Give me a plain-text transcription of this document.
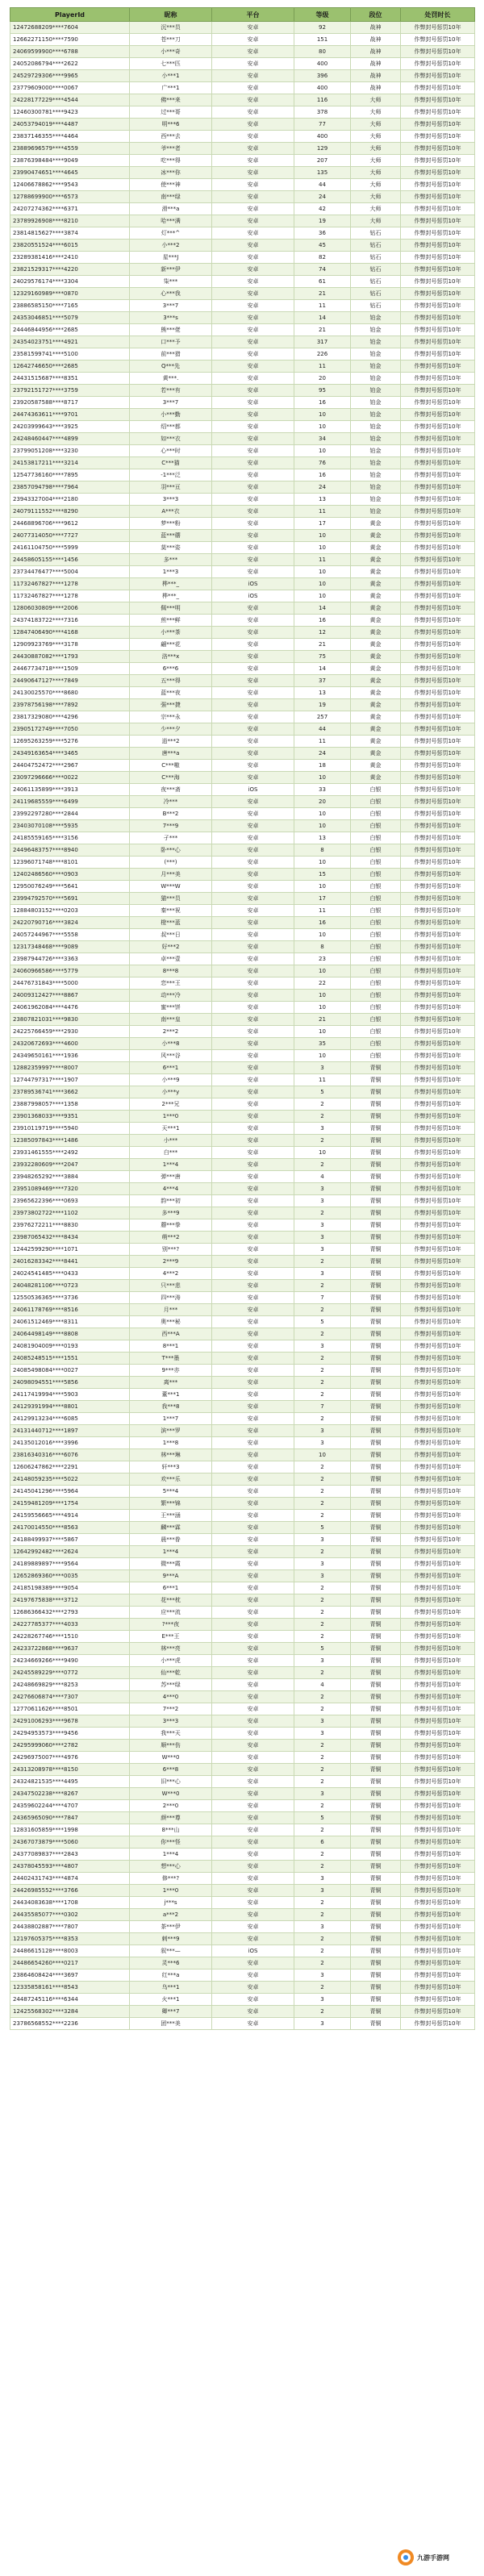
PlayerId	昵称	平台	等级	段位	处罚时长
12472688209****7604	沉***员	安卓	92	战神	作弊封号惩罚10年
12662271150****7590	苍***刀	安卓	151	战神	作弊封号惩罚10年
24069599900****6788	小***奇	安卓	80	战神	作弊封号惩罚10年
24052086794****2622	七***匹	安卓	400	战神	作弊封号惩罚10年
24529729306****9965	小***1	安卓	396	战神	作弊封号惩罚10年
23779609000****0067	广***1	安卓	400	战神	作弊封号惩罚10年
24228177229****4544	佛***来	安卓	116	大师	作弊封号惩罚10年
12460300781****9423	过***哥	安卓	378	大师	作弊封号惩罚10年
24053794019****4487	明***6	安卓	77	大师	作弊封号惩罚10年
23837146355****4464	西***去	安卓	400	大师	作弊封号惩罚10年
23889696579****4559	爷***者	安卓	129	大师	作弊封号惩罚10年
23876398484****9049	吃***得	安卓	207	大师	作弊封号惩罚10年
23990474651****4645	冰***你	安卓	135	大师	作弊封号惩罚10年
12406678862****9543	使***神	安卓	44	大师	作弊封号惩罚10年
12788699900****6573	南***绿	安卓	24	大师	作弊封号惩罚10年
24207274362****6371	滑***a	安卓	42	大师	作弊封号惩罚10年
23789926908****8210	哈***满	安卓	19	大师	作弊封号惩罚10年
23814815627****3874	灯***^	安卓	36	钻石	作弊封号惩罚10年
23820551524****6015	小***2	安卓	45	钻石	作弊封号惩罚10年
23289381416****2410	星***J	安卓	82	钻石	作弊封号惩罚10年
23821529317****4220	新***伊	安卓	74	钻石	作弊封号惩罚10年
24029576174****3304	柒***	安卓	61	钻石	作弊封号惩罚10年
12329160989****0870	心***我	安卓	21	钻石	作弊封号惩罚10年
23886585150****7165	3***7	安卓	11	钻石	作弊封号惩罚10年
24353046851****5079	3***s	安卓	14	铂金	作弊封号惩罚10年
24446844956****2685	熊***佬	安卓	21	铂金	作弊封号惩罚10年
24354023751****4921	口***予	安卓	317	铂金	作弊封号惩罚10年
23581599741****5100	前***猎	安卓	226	铂金	作弊封号惩罚10年
12642746650****2685	Q***先	安卓	11	铂金	作弊封号惩罚10年
24431515687****8351	黄***.	安卓	20	铂金	作弊封号惩罚10年
23792151727****3759	若***有	安卓	95	铂金	作弊封号惩罚10年
23920587588****8717	3***7	安卓	16	铂金	作弊封号惩罚10年
24474363611****9701	小***勤	安卓	10	铂金	作弊封号惩罚10年
24203999643****3925	绍***都	安卓	10	铂金	作弊封号惩罚10年
24248460447****4899	如***衣	安卓	34	铂金	作弊封号惩罚10年
23799051208****3230	心***时	安卓	10	铂金	作弊封号惩罚10年
24153817211****3214	C***猫	安卓	76	铂金	作弊封号惩罚10年
12547736160****7895	-1***泛	安卓	16	铂金	作弊封号惩罚10年
23857094798****7964	羽***亘	安卓	24	铂金	作弊封号惩罚10年
23943327004****2180	3***3	安卓	13	铂金	作弊封号惩罚10年
24079111552****8290	A***衣	安卓	11	铂金	作弊封号惩罚10年
24468896706****9612	梦***粉	安卓	17	黄金	作弊封号惩罚10年
24077314050****7727	蓝***蘑	安卓	10	黄金	作弊封号惩罚10年
24161104750****5999	莫***姿	安卓	10	黄金	作弊封号惩罚10年
24458605155****1456	多***	安卓	11	黄金	作弊封号惩罚10年
23734476477****5004	1***3	安卓	10	黄金	作弊封号惩罚10年
11732467827****1278	桦***_	iOS	10	黄金	作弊封号惩罚10年
11732467827****1278	桦***_	iOS	10	黄金	作弊封号惩罚10年
12806030809****2006	佩***明	安卓	14	黄金	作弊封号惩罚10年
24374183722****7316	煎***鲜	安卓	16	黄金	作弊封号惩罚10年
12847406490****4168	小***茶	安卓	12	黄金	作弊封号惩罚10年
12909923769****3178	翩***花	安卓	21	黄金	作弊封号惩罚10年
24430887082****1793	洛***x	安卓	75	黄金	作弊封号惩罚10年
24467734718****1509	6***6	安卓	14	黄金	作弊封号惩罚10年
24490647127****7849	五***得	安卓	37	黄金	作弊封号惩罚10年
24130025570****8680	蓝***夜	安卓	13	黄金	作弊封号惩罚10年
23978756198****7892	强***捷	安卓	19	黄金	作弊封号惩罚10年
23817329080****4296	宗***永	安卓	257	黄金	作弊封号惩罚10年
23905172749****7050	少***夕	安卓	44	黄金	作弊封号惩罚10年
12695263259****5276	逍***2	安卓	11	黄金	作弊封号惩罚10年
24349163654****3465	唐***a	安卓	24	黄金	作弊封号惩罚10年
24404752472****2967	C***嗷	安卓	18	黄金	作弊封号惩罚10年
23097296666****0022	C***海	安卓	10	黄金	作弊封号惩罚10年
24061135899****3913	夜***斋	iOS	33	白银	作弊封号惩罚10年
24119685559****6499	冷***	安卓	20	白银	作弊封号惩罚10年
23992297280****2844	B***2	安卓	10	白银	作弊封号惩罚10年
23403070108****5935	7***9	安卓	10	白银	作弊封号惩罚10年
24185559165****3156	孑***	安卓	13	白银	作弊封号惩罚10年
24496483757****8940	卧***心	安卓	8	白银	作弊封号惩罚10年
12396071748****8101	(***)	安卓	10	白银	作弊封号惩罚10年
12402486560****0903	月***美	安卓	15	白银	作弊封号惩罚10年
12950076249****5641	W***W	安卓	10	白银	作弊封号惩罚10年
23994792570****5691	猫***员	安卓	17	白银	作弊封号惩罚10年
12884803152****0203	秦***祝	安卓	11	白银	作弊封号惩罚10年
24220790716****3824	橙***蓝	安卓	16	白银	作弊封号惩罚10年
24057244967****5558	叔***日	安卓	10	白银	作弊封号惩罚10年
12317348468****9089	好***2	安卓	8	白银	作弊封号惩罚10年
23987944726****3363	卓***壹	安卓	23	白银	作弊封号惩罚10年
24060966586****5779	8***8	安卓	10	白银	作弊封号惩罚10年
24476731843****5000	恋***王	安卓	22	白银	作弊封号惩罚10年
24009312427****8867	动***冷	安卓	10	白银	作弊封号惩罚10年
24061962084****4476	蜜***饼	安卓	10	白银	作弊封号惩罚10年
23807821031****9830	南***皇	安卓	21	白银	作弊封号惩罚10年
24225766459****2930	2***2	安卓	10	白银	作弊封号惩罚10年
24320672693****4600	小***8	安卓	35	白银	作弊封号惩罚10年
24349650161****1936	风***谷	安卓	10	白银	作弊封号惩罚10年
12882359997****8007	6***1	安卓	3	青铜	作弊封号惩罚10年
12744797317****1907	小***9	安卓	11	青铜	作弊封号惩罚10年
23789536741****3662	小***y	安卓	5	青铜	作弊封号惩罚10年
23887998057****1358	2***兄	安卓	2	青铜	作弊封号惩罚10年
23901368033****9351	1***0	安卓	2	青铜	作弊封号惩罚10年
23910119719****5940	天***1	安卓	3	青铜	作弊封号惩罚10年
12385097843****1486	小***	安卓	2	青铜	作弊封号惩罚10年
23931461555****2492	白***	安卓	10	青铜	作弊封号惩罚10年
23932280609****2047	1***4	安卓	2	青铜	作弊封号惩罚10年
23948265292****3884	弹***唐	安卓	4	青铜	作弊封号惩罚10年
23951089469****7320	4***4	安卓	3	青铜	作弊封号惩罚10年
23965622396****0693	韵***初	安卓	3	青铜	作弊封号惩罚10年
23973802722****1102	多***9	安卓	2	青铜	作弊封号惩罚10年
23976272211****8830	蘑***拳	安卓	3	青铜	作弊封号惩罚10年
23987065432****8434	萌***2	安卓	3	青铜	作弊封号惩罚10年
12442599290****1071	别***?	安卓	3	青铜	作弊封号惩罚10年
24016283342****8441	2***9	安卓	2	青铜	作弊封号惩罚10年
24024541485****0433	4***2	安卓	3	青铜	作弊封号惩罚10年
24048281106****0723	只***悲	安卓	2	青铜	作弊封号惩罚10年
12550536365****3736	四***涛	安卓	7	青铜	作弊封号惩罚10年
24061178769****8516	月***	安卓	2	青铜	作弊封号惩罚10年
24061512469****8311	奥***秘	安卓	5	青铜	作弊封号惩罚10年
24064498149****8808	西***A	安卓	2	青铜	作弊封号惩罚10年
24081904009****0193	8***1	安卓	3	青铜	作弊封号惩罚10年
24085248515****1551	T***墨	安卓	2	青铜	作弊封号惩罚10年
24085498084****0027	9***亦	安卓	2	青铜	作弊封号惩罚10年
24098094551****5856	离***	安卓	2	青铜	作弊封号惩罚10年
24117419994****5903	董***1	安卓	2	青铜	作弊封号惩罚10年
24129391994****8801	我***8	安卓	7	青铜	作弊封号惩罚10年
24129913234****6085	1***7	安卓	2	青铜	作弊封号惩罚10年
24131440712****1897	滨***罗	安卓	3	青铜	作弊封号惩罚10年
24135012016****3996	1***8	安卓	3	青铜	作弊封号惩罚10年
23816340316****6076	林***琳	安卓	10	青铜	作弊封号惩罚10年
12606247862****2291	轩***3	安卓	2	青铜	作弊封号惩罚10年
24148059235****5022	欢***乐	安卓	2	青铜	作弊封号惩罚10年
24145041296****5964	5***4	安卓	2	青铜	作弊封号惩罚10年
24159481209****1754	繁***锦	安卓	2	青铜	作弊封号惩罚10年
24159556665****4914	王***涵	安卓	2	青铜	作弊封号惩罚10年
24170014550****8563	麟***霖	安卓	5	青铜	作弊封号惩罚10年
24188499937****5867	晨***眷	安卓	3	青铜	作弊封号惩罚10年
12642992482****2624	1***4	安卓	2	青铜	作弊封号惩罚10年
24189889897****9564	微***霞	安卓	3	青铜	作弊封号惩罚10年
12652869360****0035	9***A	安卓	3	青铜	作弊封号惩罚10年
24185198389****9054	6***1	安卓	2	青铜	作弊封号惩罚10年
24197675838****3712	花***枕	安卓	2	青铜	作弊封号惩罚10年
12686366432****2793	应***流	安卓	2	青铜	作弊封号惩罚10年
24227785377****4033	?***夜	安卓	2	青铜	作弊封号惩罚10年
24228267746****1510	E***王	安卓	2	青铜	作弊封号惩罚10年
24233722868****9637	林***亮	安卓	5	青铜	作弊封号惩罚10年
24234669266****9490	小***虎	安卓	3	青铜	作弊封号惩罚10年
24245589229****0772	仙***乾	安卓	2	青铜	作弊封号惩罚10年
24248669829****8253	苏***绿	安卓	4	青铜	作弊封号惩罚10年
24276606874****7307	4***0	安卓	2	青铜	作弊封号惩罚10年
12770611626****8501	7***2	安卓	2	青铜	作弊封号惩罚10年
24291006293****9678	3***3	安卓	3	青铜	作弊封号惩罚10年
24294953573****9456	我***天	安卓	3	青铜	作弊封号惩罚10年
24295999060****2782	顺***伤	安卓	2	青铜	作弊封号惩罚10年
24296975007****4976	W***0	安卓	2	青铜	作弊封号惩罚10年
24313208978****8150	6***8	安卓	2	青铜	作弊封号惩罚10年
24324821535****4495	旧***心	安卓	2	青铜	作弊封号惩罚10年
24347502238****8267	W***0	安卓	3	青铜	作弊封号惩罚10年
24359602244****4707	2***0	安卓	2	青铜	作弊封号惩罚10年
24365965090****7847	颜***尊	安卓	5	青铜	作弊封号惩罚10年
12831605859****1998	8***山	安卓	2	青铜	作弊封号惩罚10年
24367073879****5060	你***怪	安卓	6	青铜	作弊封号惩罚10年
24377089837****2843	1***4	安卓	2	青铜	作弊封号惩罚10年
24378045593****4807	想***心	安卓	2	青铜	作弊封号惩罚10年
24402431743****4874	修***?	安卓	3	青铜	作弊封号惩罚10年
24426985552****3766	1***0	安卓	3	青铜	作弊封号惩罚10年
24434083638****1708	j***s	安卓	2	青铜	作弊封号惩罚10年
24435585077****0302	a***2	安卓	2	青铜	作弊封号惩罚10年
24438802887****7807	茶***伊	安卓	3	青铜	作弊封号惩罚10年
12197605375****8353	刺***9	安卓	2	青铜	作弊封号惩罚10年
24486615128****8003	叙***—	iOS	2	青铜	作弊封号惩罚10年
24486654260****0217	灵***6	安卓	2	青铜	作弊封号惩罚10年
23864608424****3697	红***a	安卓	3	青铜	作弊封号惩罚10年
12335858161****8543	乌***1	安卓	2	青铜	作弊封号惩罚10年
24487245116****6344	火***1	安卓	3	青铜	作弊封号惩罚10年
12425568302****3284	卿***7	安卓	2	青铜	作弊封号惩罚10年
23786568552****2236	团***美	安卓	3	青铜	作弊封号惩罚10年
九游手游网
